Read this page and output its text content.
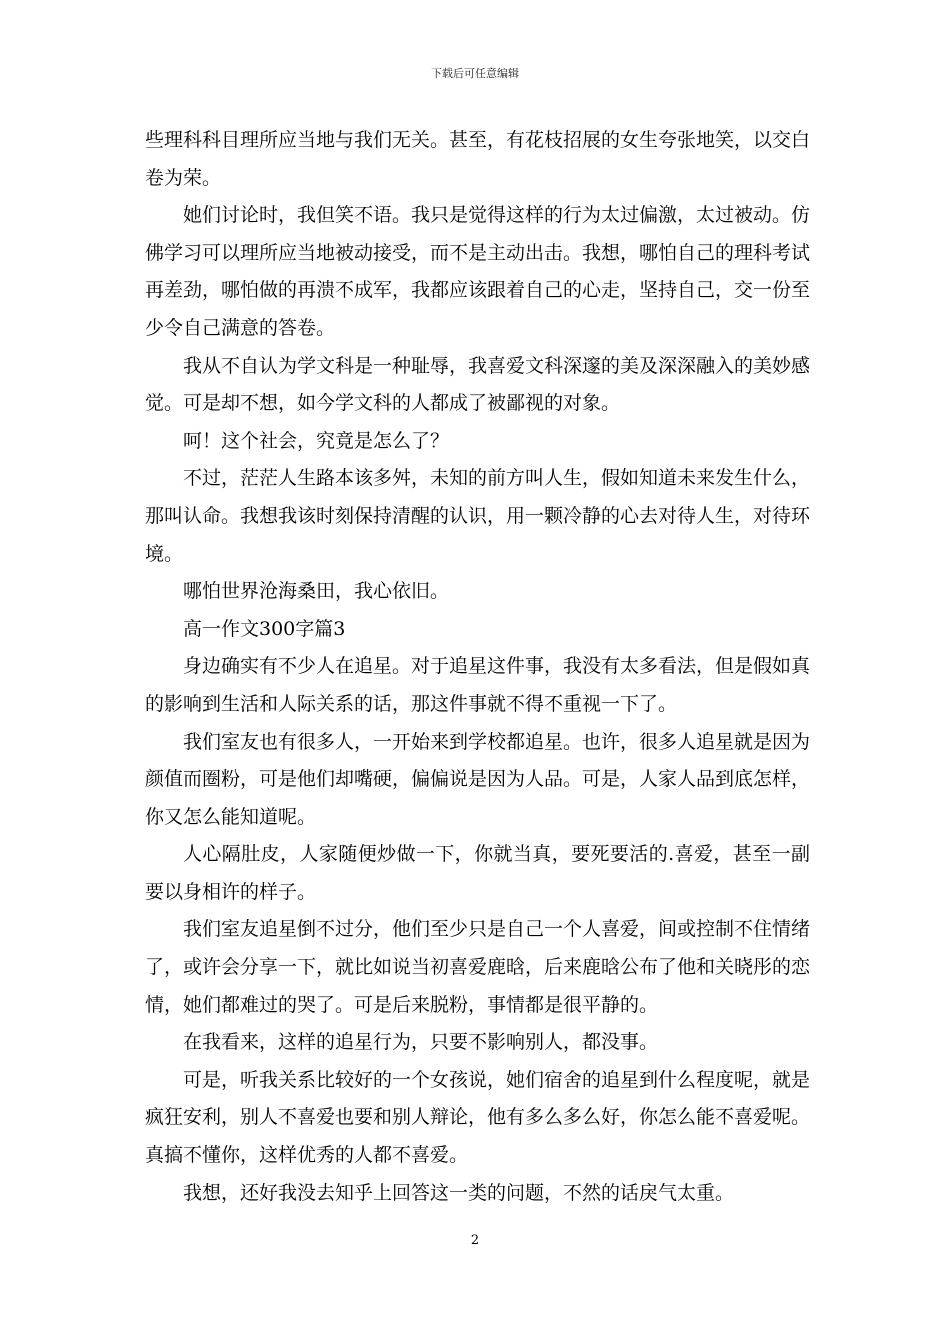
下载后可任意编辑

些理科科目理所应当地与我们无关。甚至，有花枝招展的女生夸张地笑，以交白卷为荣。

她们讨论时，我但笑不语。我只是觉得这样的行为太过偏激，太过被动。仿佛学习可以理所应当地被动接受，而不是主动出击。我想，哪怕自己的理科考试再差劲，哪怕做的再溃不成军，我都应该跟着自己的心走，坚持自己，交一份至少令自己满意的答卷。

我从不自认为学文科是一种耻辱，我喜爱文科深邃的美及深深融入的美妙感觉。可是却不想，如今学文科的人都成了被鄙视的对象。

呵！这个社会，究竟是怎么了？

不过，茫茫人生路本该多舛，未知的前方叫人生，假如知道未来发生什么，那叫认命。我想我该时刻保持清醒的认识，用一颗冷静的心去对待人生，对待环境。

哪怕世界沧海桑田，我心依旧。

高一作文300字篇3

身边确实有不少人在追星。对于追星这件事，我没有太多看法，但是假如真的影响到生活和人际关系的话，那这件事就不得不重视一下了。

我们室友也有很多人，一开始来到学校都追星。也许，很多人追星就是因为颜值而圈粉，可是他们却嘴硬，偏偏说是因为人品。可是，人家人品到底怎样，你又怎么能知道呢。

人心隔肚皮，人家随便炒做一下，你就当真，要死要活的.喜爱，甚至一副要以身相许的样子。

我们室友追星倒不过分，他们至少只是自己一个人喜爱，间或控制不住情绪了，或许会分享一下，就比如说当初喜爱鹿晗，后来鹿晗公布了他和关晓彤的恋情，她们都难过的哭了。可是后来脱粉，事情都是很平静的。

在我看来，这样的追星行为，只要不影响别人，都没事。

可是，听我关系比较好的一个女孩说，她们宿舍的追星到什么程度呢，就是疯狂安利，别人不喜爱也要和别人辩论，他有多么多么好，你怎么能不喜爱呢。真搞不懂你，这样优秀的人都不喜爱。

我想，还好我没去知乎上回答这一类的问题，不然的话戾气太重。

2
